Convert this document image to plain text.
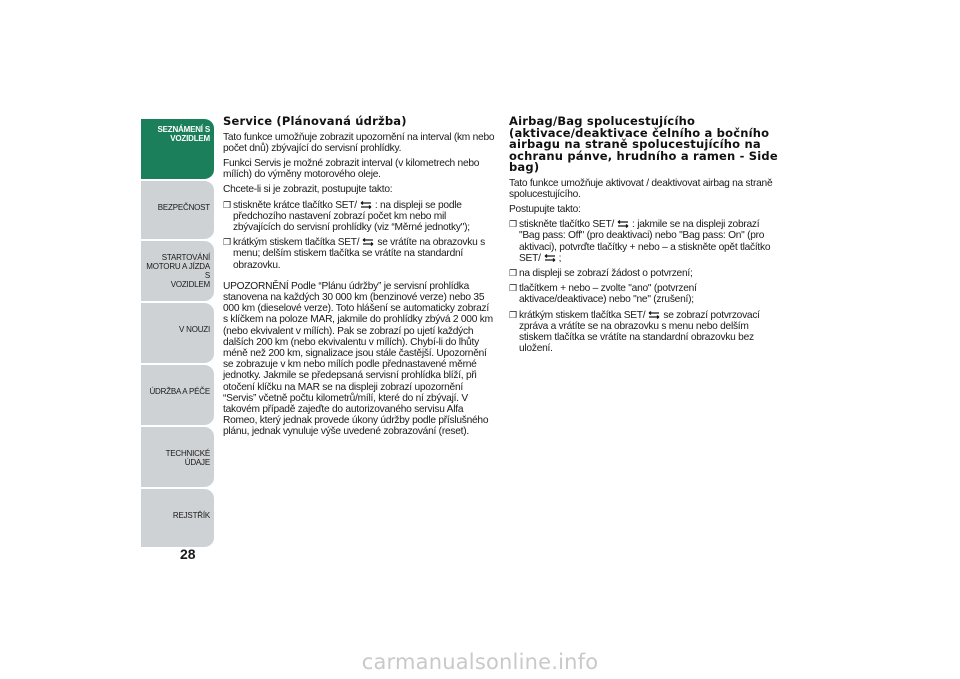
SEZNÁMENÍ S
VOZIDLEM
BEZPEČNOST
STARTOVÁNÍ
MOTORU A JÍZDA S
VOZIDLEM
V NOUZI
ÚDRŽBA A PÉČE
TECHNICKÉ ÚDAJE
REJSTŘÍK
28
Service (Plánovaná údržba)

Tato funkce umožňuje zobrazit upozornění na interval (km nebo počet dnů) zbývající do servisní prohlídky.

Funkci Servis je možné zobrazit interval (v kilometrech nebo mílích) do výměny motorového oleje.

Chcete-li si je zobrazit, postupujte takto:

❒ stiskněte krátce tlačítko SET/ : na displeji se podle předchozího nastavení zobrazí počet km nebo mil zbývajících do servisní prohlídky (viz “Měrné jednotky");
❒ krátkým stiskem tlačítka SET/ se vrátíte na obrazovku s menu; delším stiskem tlačítka se vrátíte na standardní obrazovku.

UPOZORNĚNÍ Podle “Plánu údržby” je servisní prohlídka stanovena na každých 30 000 km (benzinové verze) nebo 35 000 km (dieselové verze). Toto hlášení se automaticky zobrazí s klíčkem na poloze MAR, jakmile do prohlídky zbývá 2 000 km (nebo ekvivalent v mílích). Pak se zobrazí po ujetí každých dalších 200 km (nebo ekvivalentu v mílích). Chybí-li do lhůty méně než 200 km, signalizace jsou stále častější. Upozornění se zobrazuje v km nebo mílích podle přednastavené měrné jednotky. Jakmile se předepsaná servisní prohlídka blíží, při otočení klíčku na MAR se na displeji zobrazí upozornění “Servis” včetně počtu kilometrů/mílí, které do ní zbývají. V takovém případě zajeďte do autorizovaného servisu Alfa Romeo, který jednak provede úkony údržby podle příslušného plánu, jednak vynuluje výše uvedené zobrazování (reset).

Airbag/Bag spolucestujícího (aktivace/deaktivace čelního a bočního airbagu na straně spolucestujícího na ochranu pánve, hrudního a ramen - Side bag)

Tato funkce umožňuje aktivovat / deaktivovat airbag na straně spolucestujícího.

Postupujte takto:

❒ stiskněte tlačítko SET/ : jakmile se na displeji zobrazí "Bag pass: Off" (pro deaktivaci) nebo "Bag pass: On" (pro aktivaci), potvrďte tlačítky + nebo – a stiskněte opět tlačítko SET/ ;
❒ na displeji se zobrazí žádost o potvrzení;
❒ tlačítkem + nebo – zvolte "ano" (potvrzení aktivace/deaktivace) nebo "ne" (zrušení);
❒ krátkým stiskem tlačítka SET/ se zobrazí potvrzovací zpráva a vrátíte se na obrazovku s menu nebo delším stiskem tlačítka se vrátíte na standardní obrazovku bez uložení.
carmanualsonline.info
